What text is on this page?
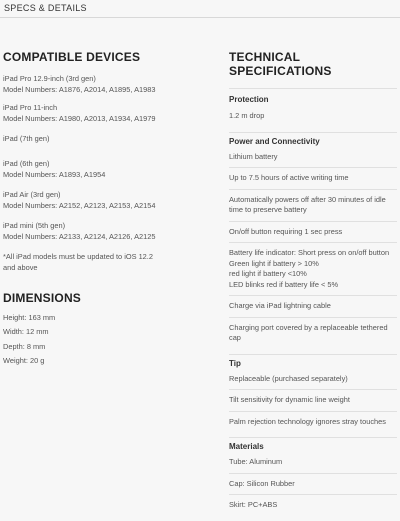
SPECS & DETAILS
COMPATIBLE DEVICES
iPad Pro 12.9-inch (3rd gen)
Model Numbers: A1876, A2014, A1895, A1983
iPad Pro 11-inch
Model Numbers: A1980, A2013, A1934, A1979
iPad (7th gen)
iPad (6th gen)
Model Numbers: A1893, A1954
iPad Air (3rd gen)
Model Numbers: A2152, A2123, A2153, A2154
iPad mini (5th gen)
Model Numbers: A2133, A2124, A2126, A2125
*All iPad models must be updated to iOS 12.2 and above
DIMENSIONS
Height: 163 mm
Width: 12 mm
Depth: 8 mm
Weight: 20 g
TECHNICAL SPECIFICATIONS
Protection
1.2 m drop
Power and Connectivity
Lithium battery
Up to 7.5 hours of active writing time
Automatically powers off after 30 minutes of idle time to preserve battery
On/off button requiring 1 sec press
Battery life indicator: Short press on on/off button
Green light if battery > 10%
red light if battery <10%
LED blinks red if battery life < 5%
Charge via iPad lightning cable
Charging port covered by a replaceable tethered cap
Tip
Replaceable (purchased separately)
Tilt sensitivity for dynamic line weight
Palm rejection technology ignores stray touches
Materials
Tube: Aluminum
Cap: Silicon Rubber
Skirt: PC+ABS
